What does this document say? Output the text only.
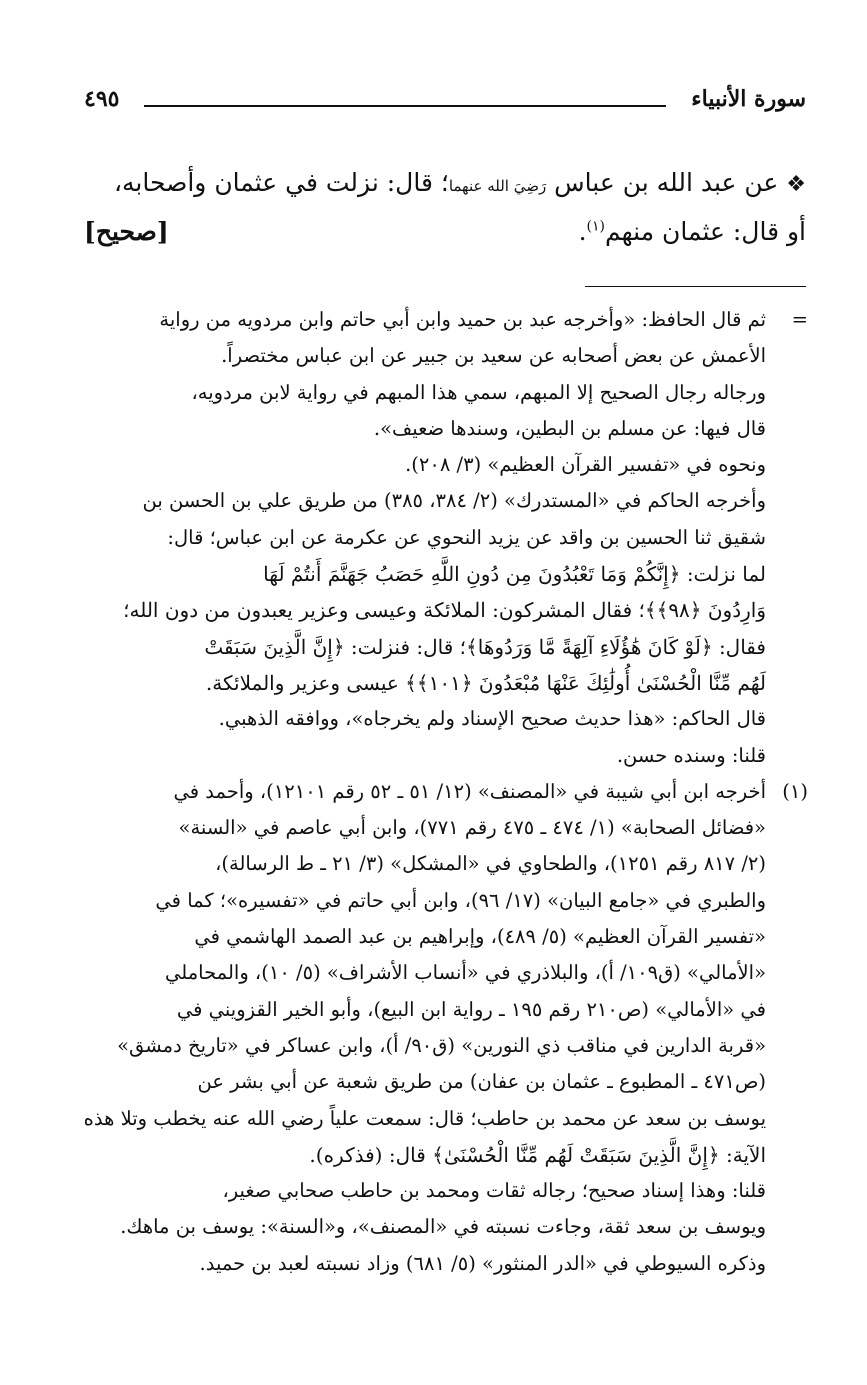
سورة الأنبياء
٤٩٥

❖ عن عبد الله بن عباس رَضِيَ الله عنهما؛ قال: نزلت في عثمان وأصحابه،

أو قال: عثمان منهم$^{(١)}$.
[صحيح]

=

ثم قال الحافظ: «وأخرجه عبد بن حميد وابن أبي حاتم وابن مردويه من رواية

الأعمش عن بعض أصحابه عن سعيد بن جبير عن ابن عباس مختصراً.

ورجاله رجال الصحيح إلا المبهم، سمي هذا المبهم في رواية لابن مردويه،

قال فيها: عن مسلم بن البطين، وسندها ضعيف».

ونحوه في «تفسير القرآن العظيم» (٣/ ٢٠٨).

وأخرجه الحاكم في «المستدرك» (٢/ ٣٨٤، ٣٨٥) من طريق علي بن الحسن بن

شقيق ثنا الحسين بن واقد عن يزيد النحوي عن عكرمة عن ابن عباس؛ قال:

لما نزلت: ﴿إِنَّكُمْ وَمَا تَعْبُدُونَ مِن دُونِ اللَّهِ حَصَبُ جَهَنَّمَ أَنتُمْ لَهَا

وَارِدُونَ ﴿٩٨﴾﴾؛ فقال المشركون: الملائكة وعيسى وعزير يعبدون من دون الله؛

فقال: ﴿لَوْ كَانَ هَٰؤُلَاءِ آلِهَةً مَّا وَرَدُوهَا﴾؛ قال: فنزلت: ﴿إِنَّ الَّذِينَ سَبَقَتْ

لَهُم مِّنَّا الْحُسْنَىٰ أُولَٰئِكَ عَنْهَا مُبْعَدُونَ ﴿١٠١﴾﴾ عيسى وعزير والملائكة.

قال الحاكم: «هذا حديث صحيح الإسناد ولم يخرجاه»، ووافقه الذهبي.

قلنا: وسنده حسن.

(١)

أخرجه ابن أبي شيبة في «المصنف» (١٢/ ٥١ ـ ٥٢ رقم ١٢١٠١)، وأحمد في

«فضائل الصحابة» (١/ ٤٧٤ ـ ٤٧٥ رقم ٧٧١)، وابن أبي عاصم في «السنة»

(٢/ ٨١٧ رقم ١٢٥١)، والطحاوي في «المشكل» (٣/ ٢١ ـ ط الرسالة)،

والطبري في «جامع البيان» (١٧/ ٩٦)، وابن أبي حاتم في «تفسيره»؛ كما في

«تفسير القرآن العظيم» (٥/ ٤٨٩)، وإبراهيم بن عبد الصمد الهاشمي في

«الأمالي» (ق١٠٩/ أ)، والبلاذري في «أنساب الأشراف» (٥/ ١٠)، والمحاملي

في «الأمالي» (ص٢١٠ رقم ١٩٥ ـ رواية ابن البيع)، وأبو الخير القزويني في

«قربة الدارين في مناقب ذي النورين» (ق٩٠/ أ)، وابن عساكر في «تاريخ دمشق»

(ص٤٧١ ـ المطبوع ـ عثمان بن عفان) من طريق شعبة عن أبي بشر عن

يوسف بن سعد عن محمد بن حاطب؛ قال: سمعت علياً رضي الله عنه يخطب وتلا هذه

الآية: ﴿إِنَّ الَّذِينَ سَبَقَتْ لَهُم مِّنَّا الْحُسْنَىٰ﴾ قال: (فذكره).

قلنا: وهذا إسناد صحيح؛ رجاله ثقات ومحمد بن حاطب صحابي صغير،

ويوسف بن سعد ثقة، وجاءت نسبته في «المصنف»، و«السنة»: يوسف بن ماهك.

وذكره السيوطي في «الدر المنثور» (٥/ ٦٨١) وزاد نسبته لعبد بن حميد.
